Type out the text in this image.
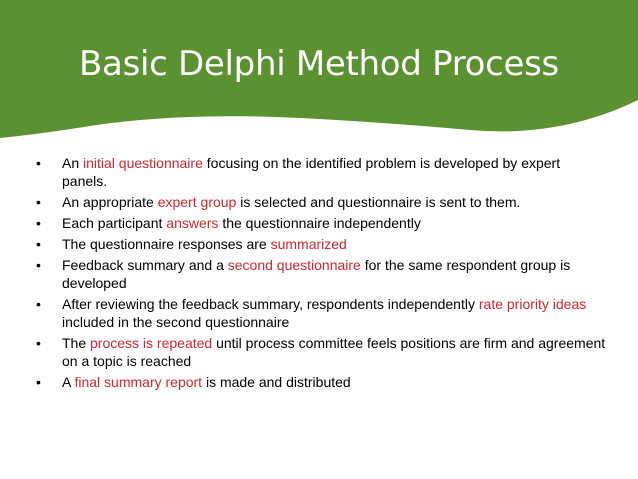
Basic Delphi Method Process
• An initial questionnaire focusing on the identified problem is developed by expert panels.
• An appropriate expert group is selected and questionnaire is sent to them.
• Each participant answers the questionnaire independently
• The questionnaire responses are summarized
• Feedback summary and a second questionnaire for the same respondent group is developed
• After reviewing the feedback summary, respondents independently rate priority ideas included in the second questionnaire
• The process is repeated until process committee feels positions are firm and agreement on a topic is reached
• A final summary report is made and distributed
